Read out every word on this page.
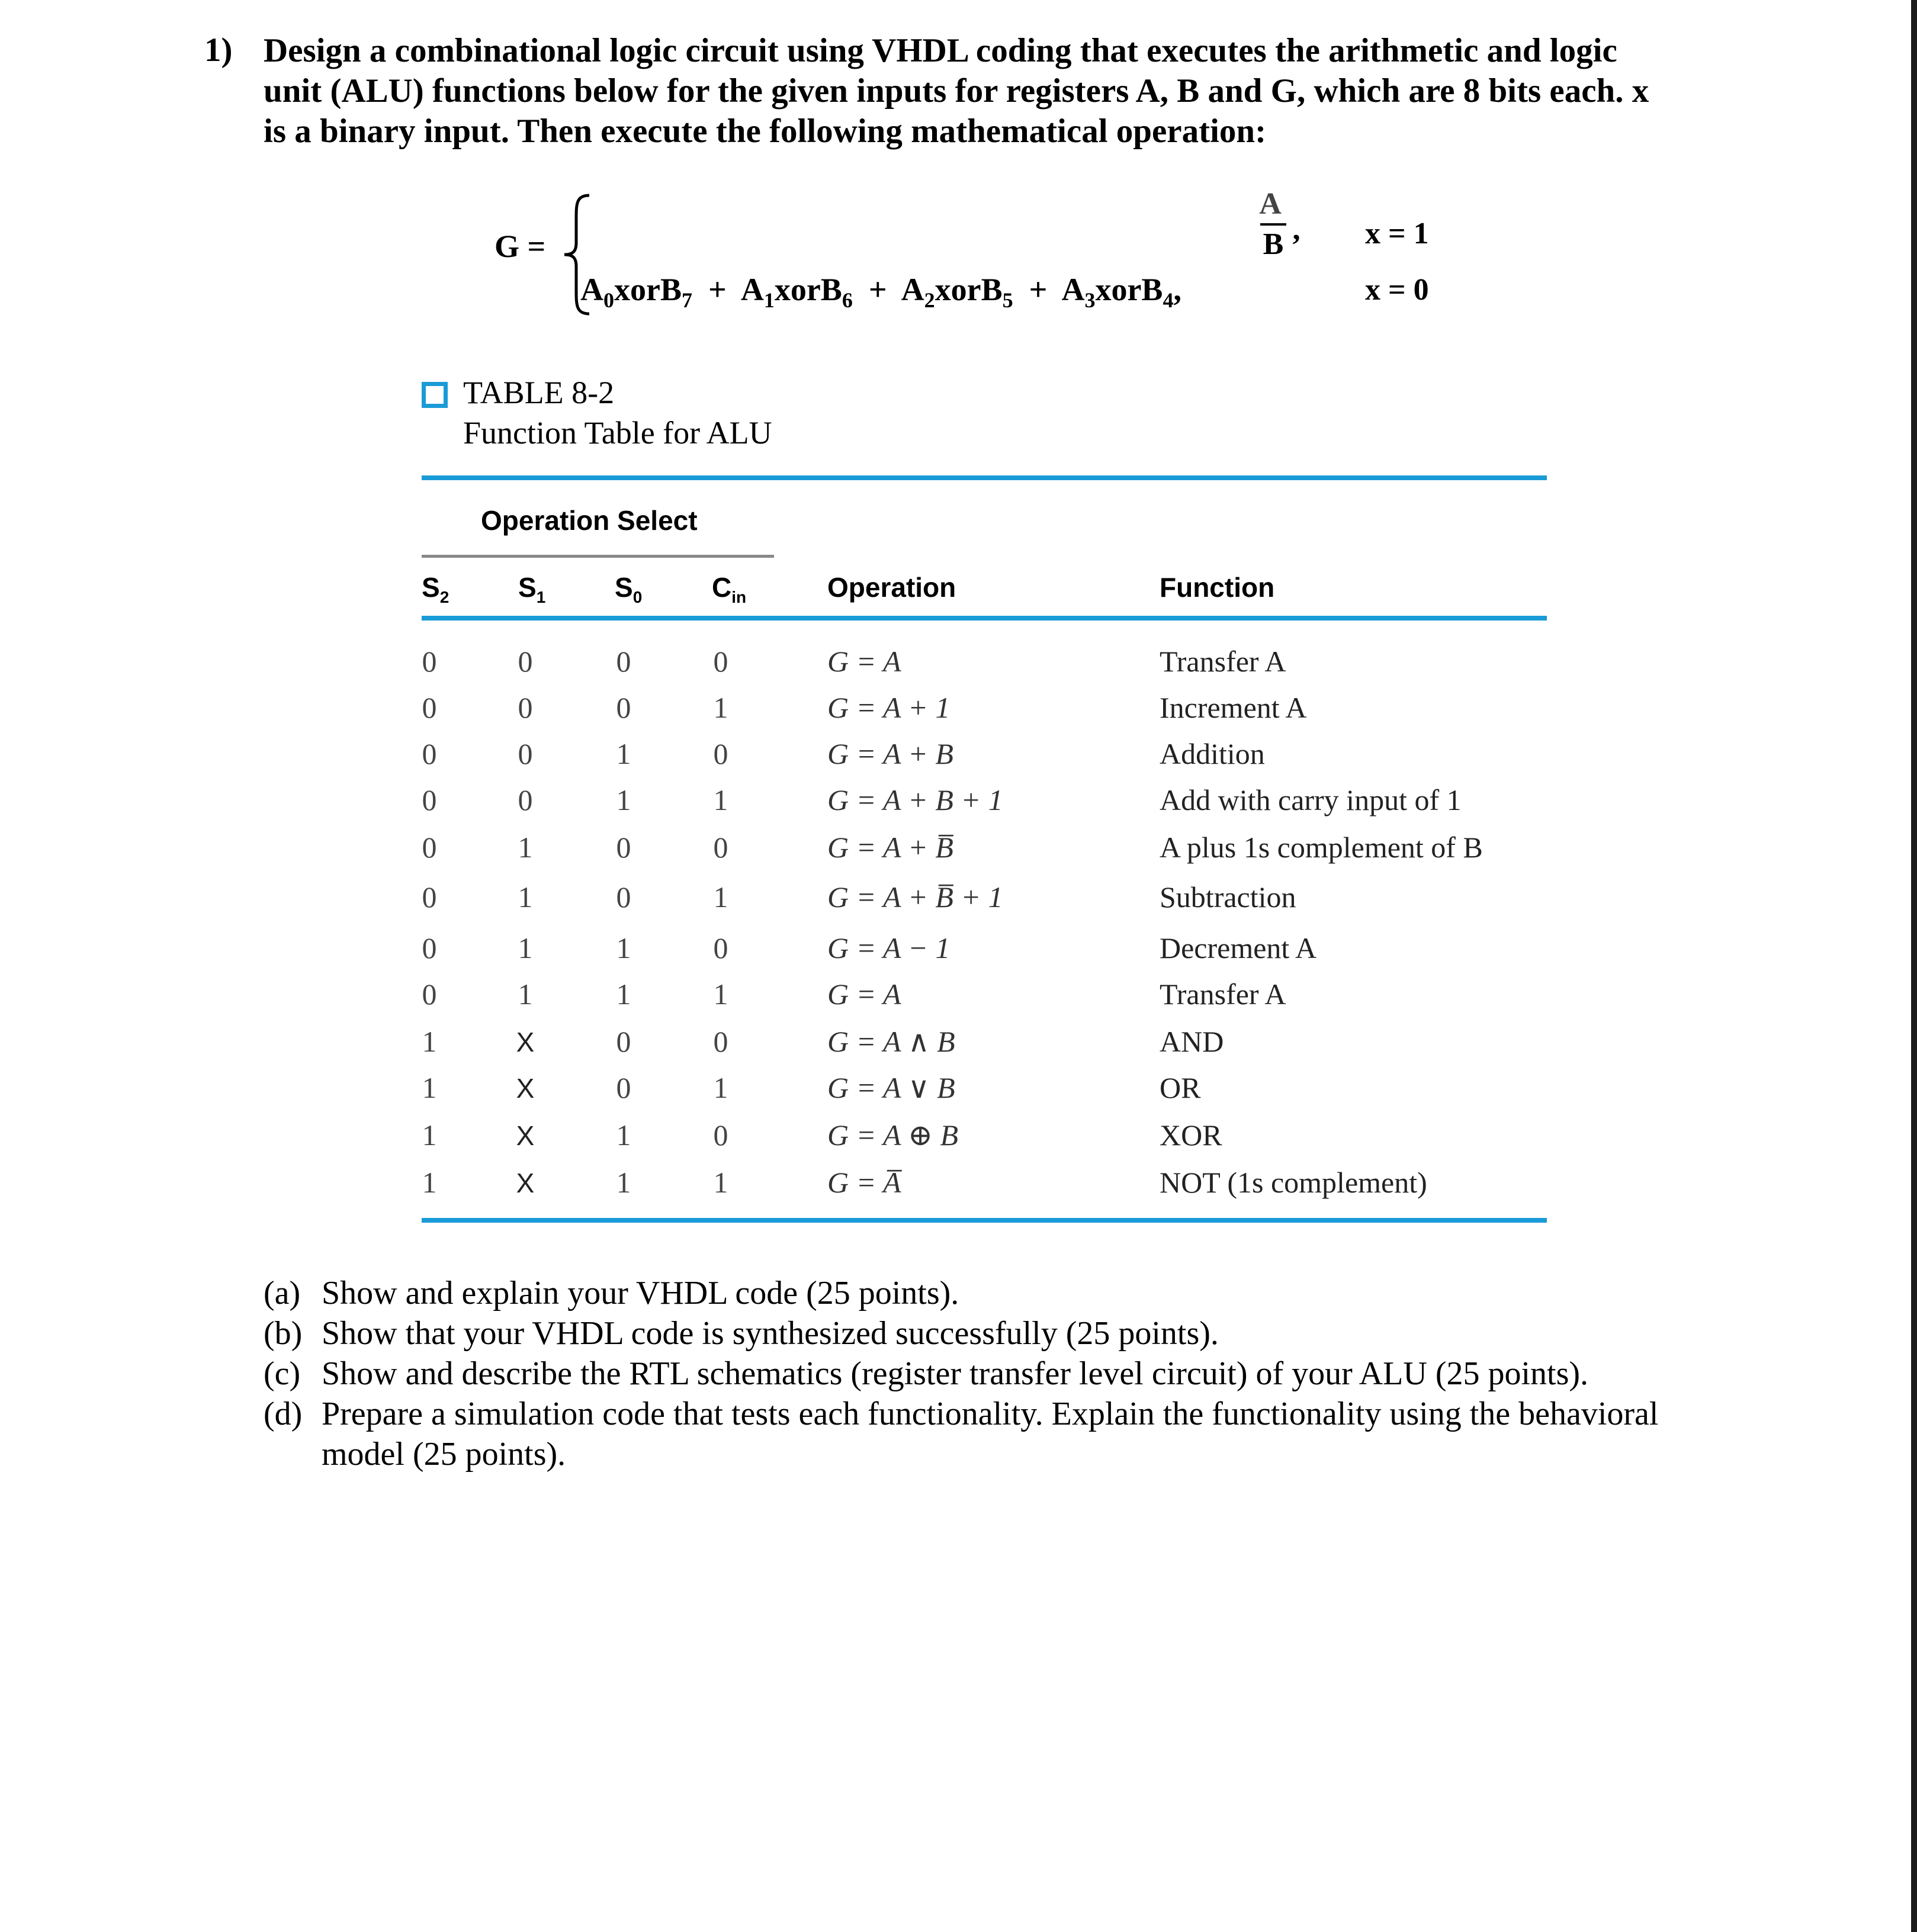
1) Design a combinational logic circuit using VHDL coding that executes the arithmetic and logic
unit (ALU) functions below for the given inputs for registers A, B and G, which are 8 bits each. x
is a binary input. Then execute the following mathematical operation:
G =
A
B ’ x = 1
$A_0xorB_7$ + $A_1xorB_6$ + $A_2xorB_5$ + $A_3xorB_4$,	x = 0
TABLE 8-2
Function Table for ALU
Operation Select
$S_2$	$S_1$	$S_0$	$C_{in}$	Operation	Function
0	0	0	0	G = A	Transfer A
0	0	0	1	G = A + 1	Increment A
0	0	1	0	G = A + B	Addition
0	0	1	1	G = A + B + 1	Add with carry input of 1
0	1	0	0	G = A + B̅	A plus 1s complement of B
0	1	0	1	G = A + B̅ + 1	Subtraction
0	1	1	0	G = A − 1	Decrement A
0	1	1	1	G = A	Transfer A
1	X	0	0	G = A ∧ B	AND
1	X	0	1	G = A ∨ B	OR
1	X	1	0	G = A ⊕ B	XOR
1	X	1	1	G = A̅	NOT (1s complement)

(a) Show and explain your VHDL code (25 points).

(b) Show that your VHDL code is synthesized successfully (25 points).

(c) Show and describe the RTL schematics (register transfer level circuit) of your ALU (25 points).

(d) Prepare a simulation code that tests each functionality. Explain the functionality using the behavioral model (25 points).
